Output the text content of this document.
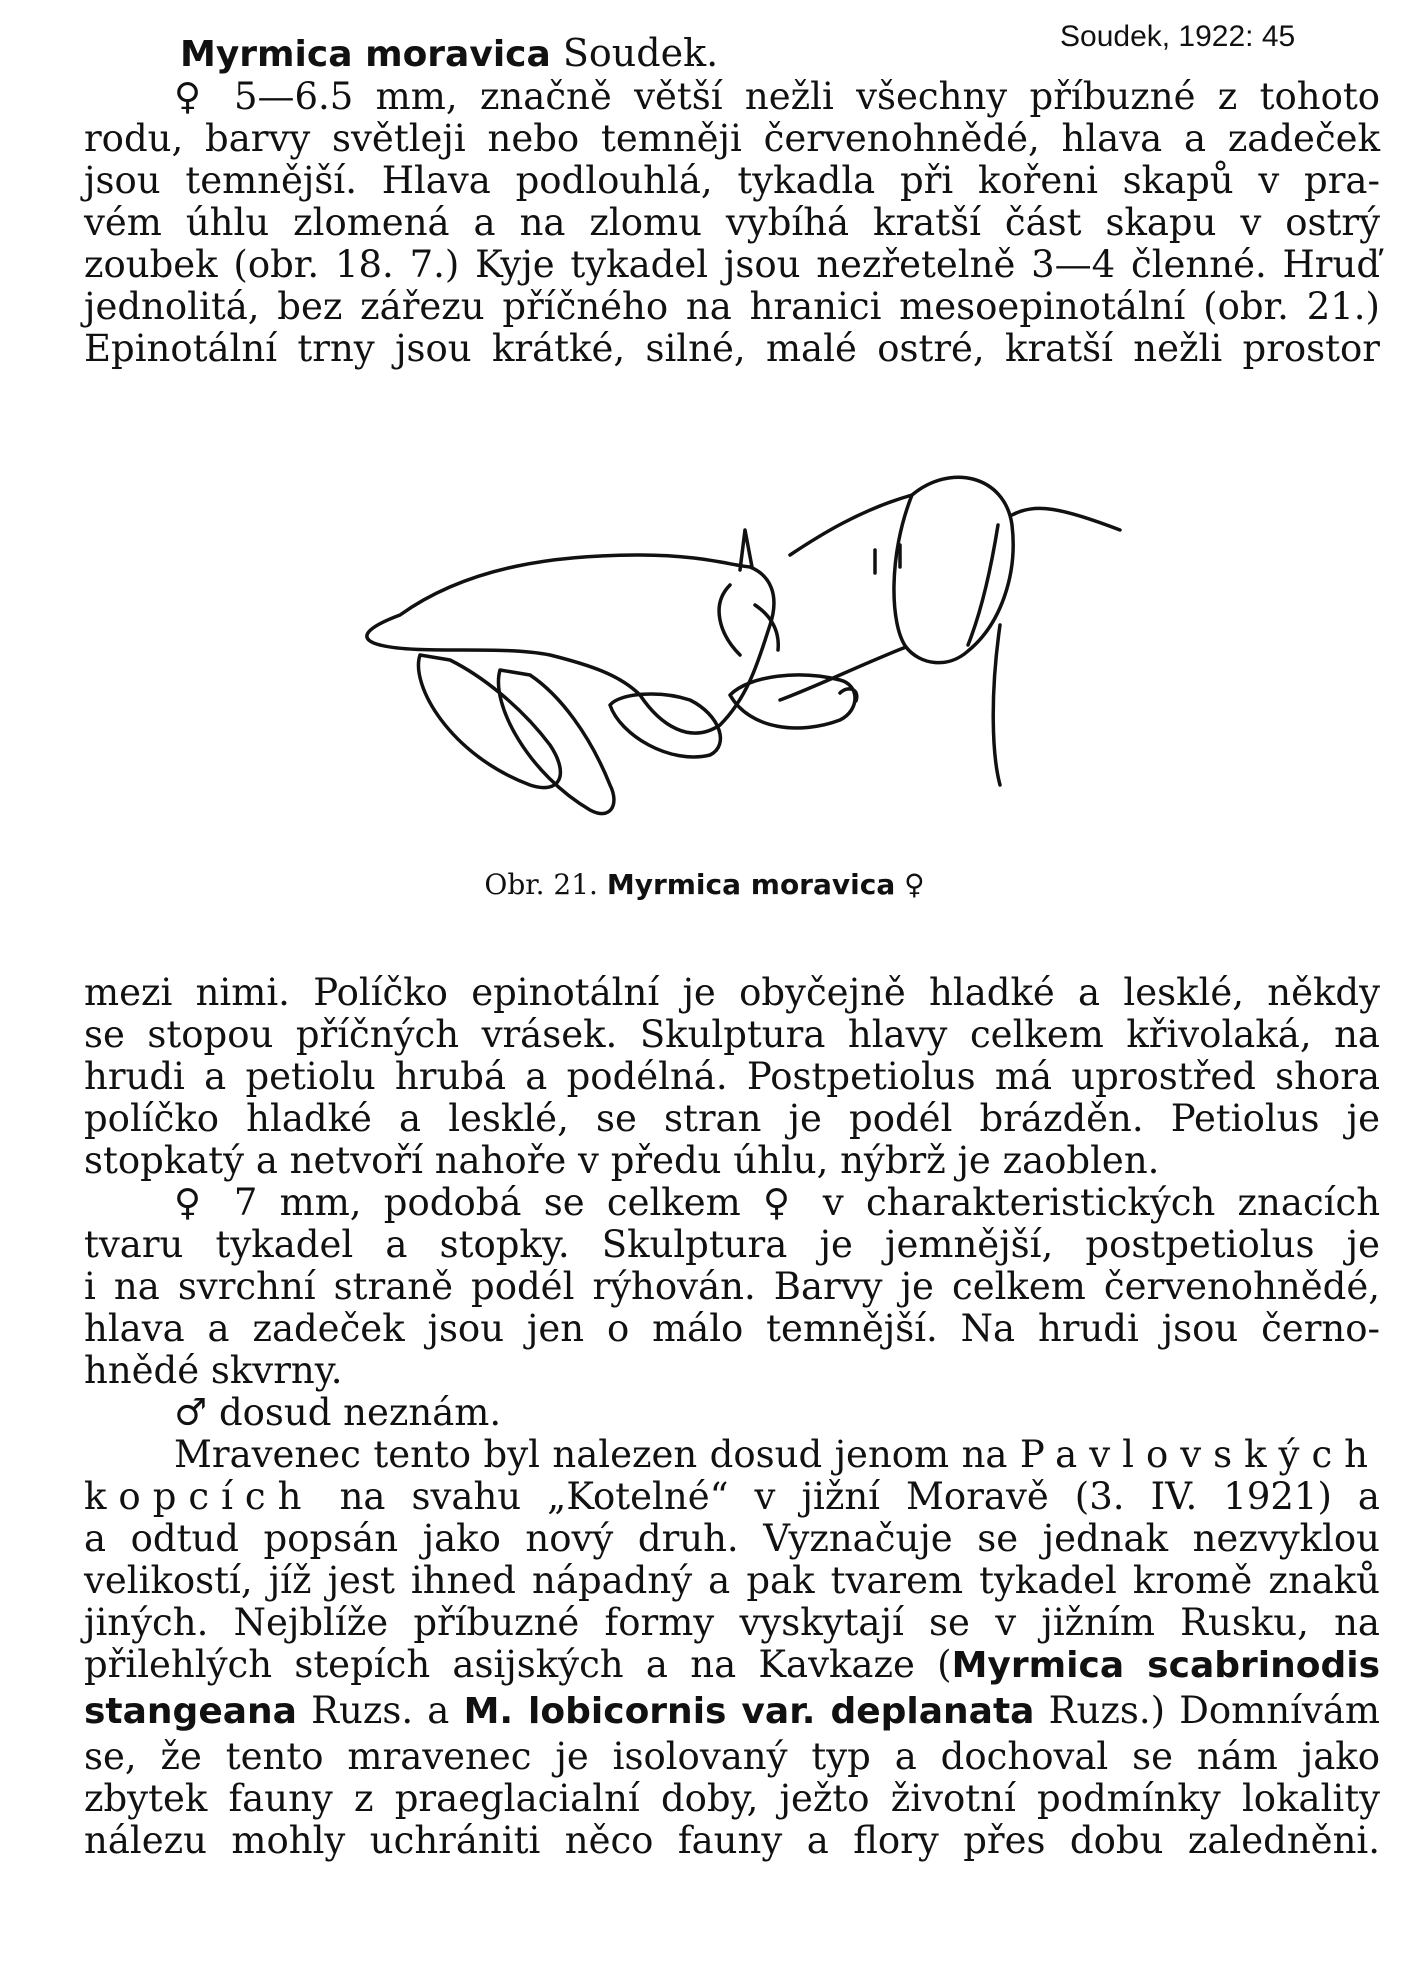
Soudek, 1922: 45
Myrmica moravica Soudek.
♀ 5—6.5 mm, značně větší nežli všechny příbuzné z tohoto
rodu, barvy světleji nebo temněji červenohnědé, hlava a zadeček
jsou temnější. Hlava podlouhlá, tykadla při kořeni skapů v pra-
vém úhlu zlomená a na zlomu vybíhá kratší část skapu v ostrý
zoubek (obr. 18. 7.) Kyje tykadel jsou nezřetelně 3—4 členné. Hruď
jednolitá, bez zářezu příčného na hranici mesoepinotální (obr. 21.)
Epinotální trny jsou krátké, silné, malé ostré, kratší nežli prostor
Obr. 21. Myrmica moravica ♀
mezi nimi. Políčko epinotální je obyčejně hladké a lesklé, někdy
se stopou příčných vrásek. Skulptura hlavy celkem křivolaká, na
hrudi a petiolu hrubá a podélná. Postpetiolus má uprostřed shora
políčko hladké a lesklé, se stran je podél brázděn. Petiolus je
stopkatý a netvoří nahoře v předu úhlu, nýbrž je zaoblen.
♀ 7 mm, podobá se celkem ♀ v charakteristických znacích
tvaru tykadel a stopky. Skulptura je jemnější, postpetiolus je
i na svrchní straně podél rýhován. Barvy je celkem červenohnědé,
hlava a zadeček jsou jen o málo temnější. Na hrudi jsou černo-
hnědé skvrny.
♂ dosud neznám.
Mravenec tento byl nalezen dosud jenom na Pavlovských
kopcích na svahu „Kotelné“ v jižní Moravě (3. IV. 1921) a
a odtud popsán jako nový druh. Vyznačuje se jednak nezvyklou
velikostí, jíž jest ihned nápadný a pak tvarem tykadel kromě znaků
jiných. Nejblíže příbuzné formy vyskytají se v jižním Rusku, na
přilehlých stepích asijských a na Kavkaze (Myrmica scabrinodis
stangeana Ruzs. a M. lobicornis var. deplanata Ruzs.) Domnívám
se, že tento mravenec je isolovaný typ a dochoval se nám jako
zbytek fauny z praeglacialní doby, ježto životní podmínky lokality
nálezu mohly uchrániti něco fauny a flory přes dobu zaledněni.
